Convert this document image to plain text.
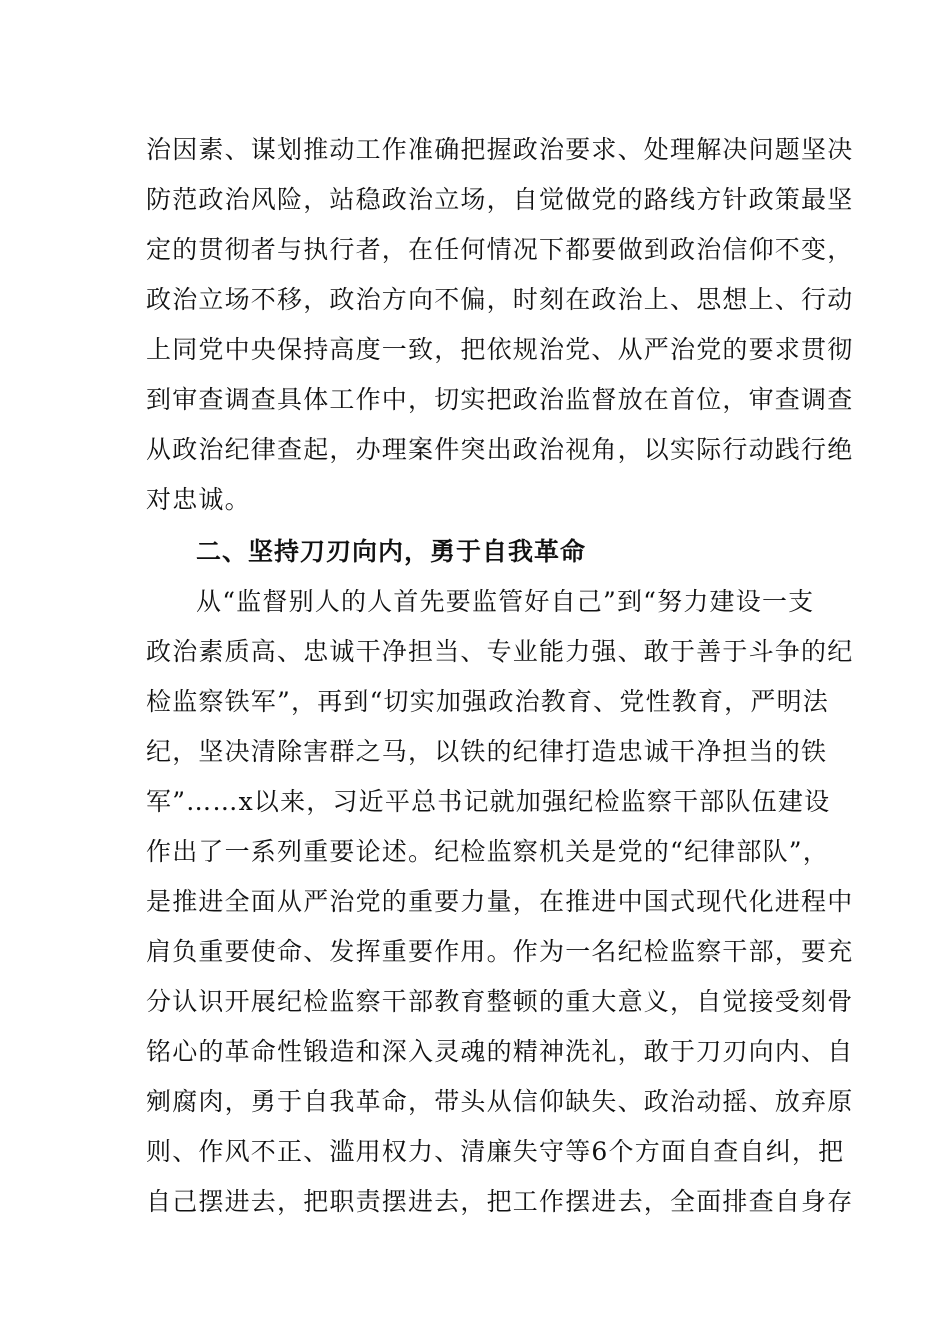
治因素、谋划推动工作准确把握政治要求、处理解决问题坚决
防范政治风险，站稳政治立场，自觉做党的路线方针政策最坚
定的贯彻者与执行者，在任何情况下都要做到政治信仰不变，
政治立场不移，政治方向不偏，时刻在政治上、思想上、行动
上同党中央保持高度一致，把依规治党、从严治党的要求贯彻
到审查调查具体工作中，切实把政治监督放在首位，审查调查
从政治纪律查起，办理案件突出政治视角，以实际行动践行绝
对忠诚。
二、坚持刀刃向内，勇于自我革命
从“监督别人的人首先要监管好自己”到“努力建设一支
政治素质高、忠诚干净担当、专业能力强、敢于善于斗争的纪
检监察铁军”，再到“切实加强政治教育、党性教育，严明法
纪，坚决清除害群之马，以铁的纪律打造忠诚干净担当的铁
军”……x以来，习近平总书记就加强纪检监察干部队伍建设
作出了一系列重要论述。纪检监察机关是党的“纪律部队”，
是推进全面从严治党的重要力量，在推进中国式现代化进程中
肩负重要使命、发挥重要作用。作为一名纪检监察干部，要充
分认识开展纪检监察干部教育整顿的重大意义，自觉接受刻骨
铭心的革命性锻造和深入灵魂的精神洗礼，敢于刀刃向内、自
剜腐肉，勇于自我革命，带头从信仰缺失、政治动摇、放弃原
则、作风不正、滥用权力、清廉失守等6个方面自查自纠，把
自己摆进去，把职责摆进去，把工作摆进去，全面排查自身存
